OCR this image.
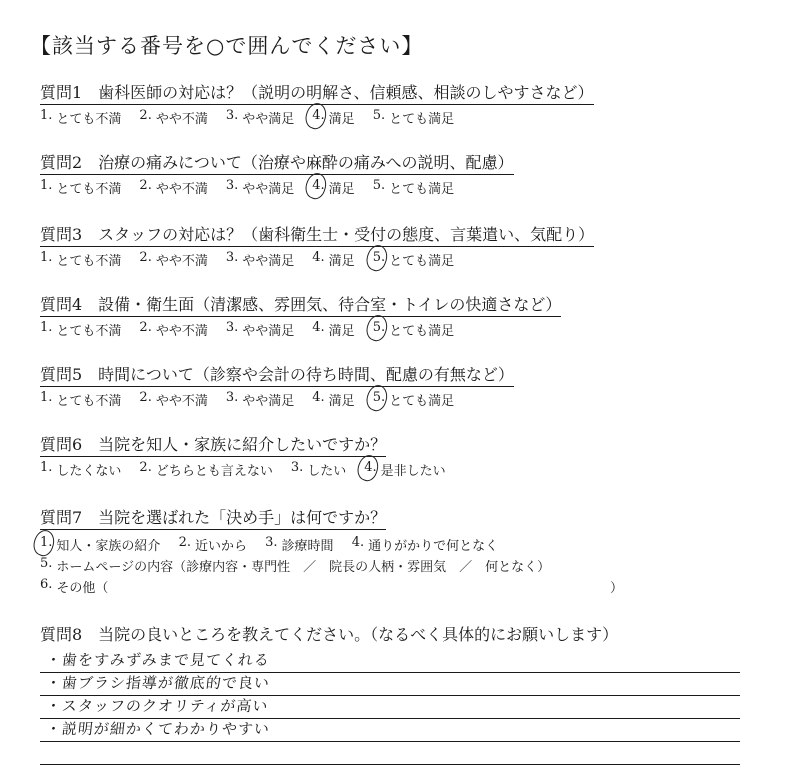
【該当する番号を○で囲んでください】
質問1　歯科医師の対応は？（説明の明解さ、信頼感、相談のしやすさなど）
1. とても不満 2. やや不満 3. やや満足 4. 満足 5. とても満足
質問2　治療の痛みについて（治療や麻酔の痛みへの説明、配慮）
1. とても不満 2. やや不満 3. やや満足 4. 満足 5. とても満足
質問3　スタッフの対応は？（歯科衛生士・受付の態度、言葉遣い、気配り）
1. とても不満 2. やや不満 3. やや満足 4. 満足 5. とても満足
質問4　設備・衛生面（清潔感、雰囲気、待合室・トイレの快適さなど）
1. とても不満 2. やや不満 3. やや満足 4. 満足 5. とても満足
質問5　時間について（診察や会計の待ち時間、配慮の有無など）
1. とても不満 2. やや不満 3. やや満足 4. 満足 5. とても満足
質問6　当院を知人・家族に紹介したいですか？
1. したくない 2. どちらとも言えない 3. したい 4. 是非したい
質問7　当院を選ばれた「決め手」は何ですか？
1. 知人・家族の紹介
2. 近いから
3. 診療時間
4. 通りがかりで何となく
5. ホームページの内容（診療内容・専門性　／　院長の人柄・雰囲気　／　何となく）
6. その他（	）
質問8　当院の良いところを教えてください。（なるべく具体的にお願いします）
・歯をすみずみまで見てくれる
・歯ブラシ指導が徹底的で良い
・スタッフのクオリティが高い
・説明が細かくてわかりやすい
